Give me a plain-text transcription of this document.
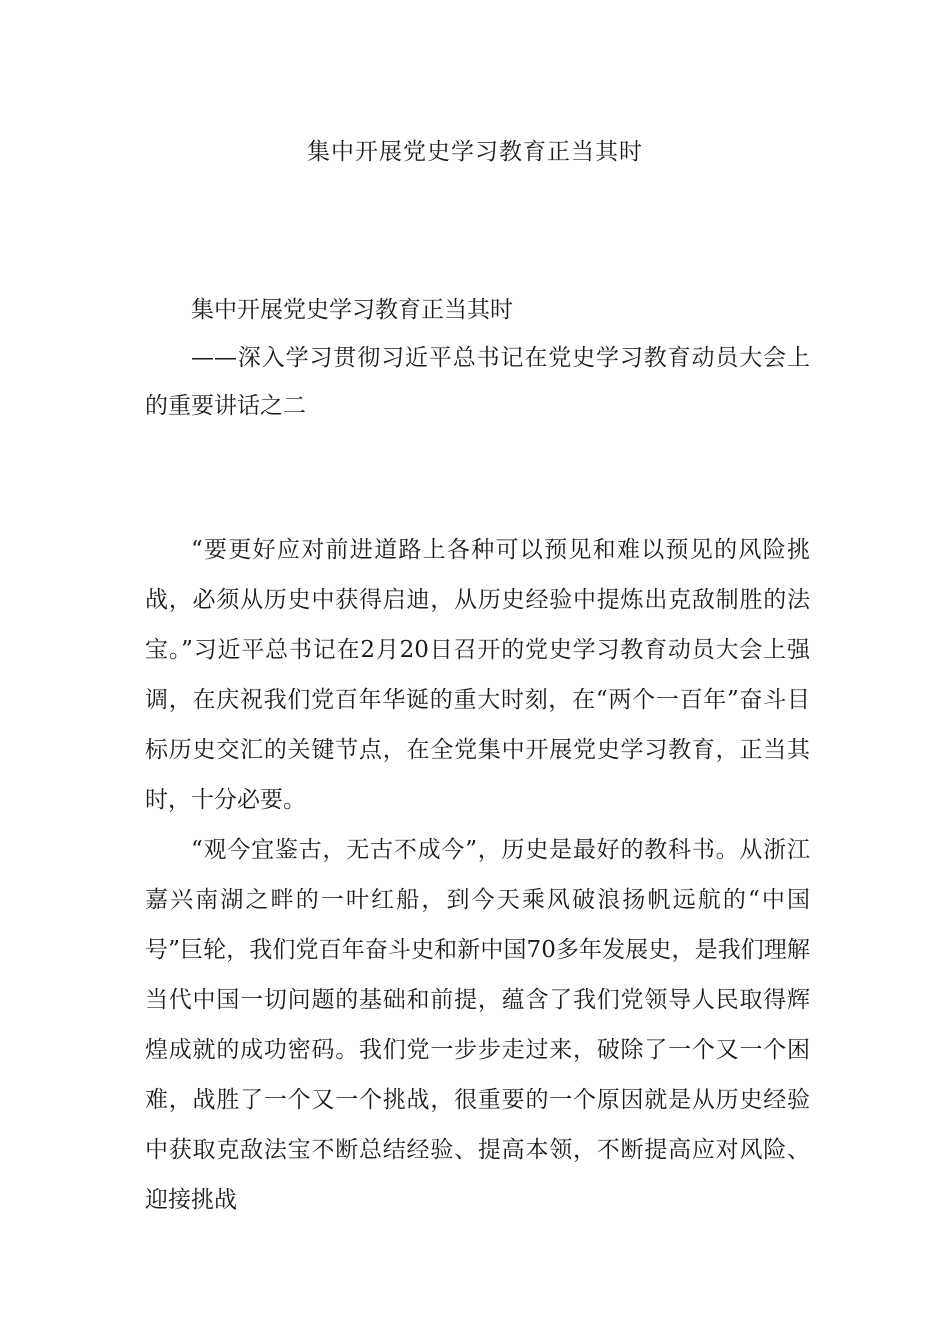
集中开展党史学习教育正当其时

集中开展党史学习教育正当其时

——深入学习贯彻习近平总书记在党史学习教育动员大会上的重要讲话之二

“要更好应对前进道路上各种可以预见和难以预见的风险挑战，必须从历史中获得启迪，从历史经验中提炼出克敌制胜的法宝。”习近平总书记在2月20日召开的党史学习教育动员大会上强调，在庆祝我们党百年华诞的重大时刻，在“两个一百年”奋斗目标历史交汇的关键节点，在全党集中开展党史学习教育，正当其时，十分必要。

“观今宜鉴古，无古不成今”，历史是最好的教科书。从浙江嘉兴南湖之畔的一叶红船，到今天乘风破浪扬帆远航的“中国号”巨轮，我们党百年奋斗史和新中国70多年发展史，是我们理解当代中国一切问题的基础和前提，蕴含了我们党领导人民取得辉煌成就的成功密码。我们党一步步走过来，破除了一个又一个困难，战胜了一个又一个挑战，很重要的一个原因就是从历史经验中获取克敌法宝不断总结经验、提高本领，不断提高应对风险、迎接挑战
